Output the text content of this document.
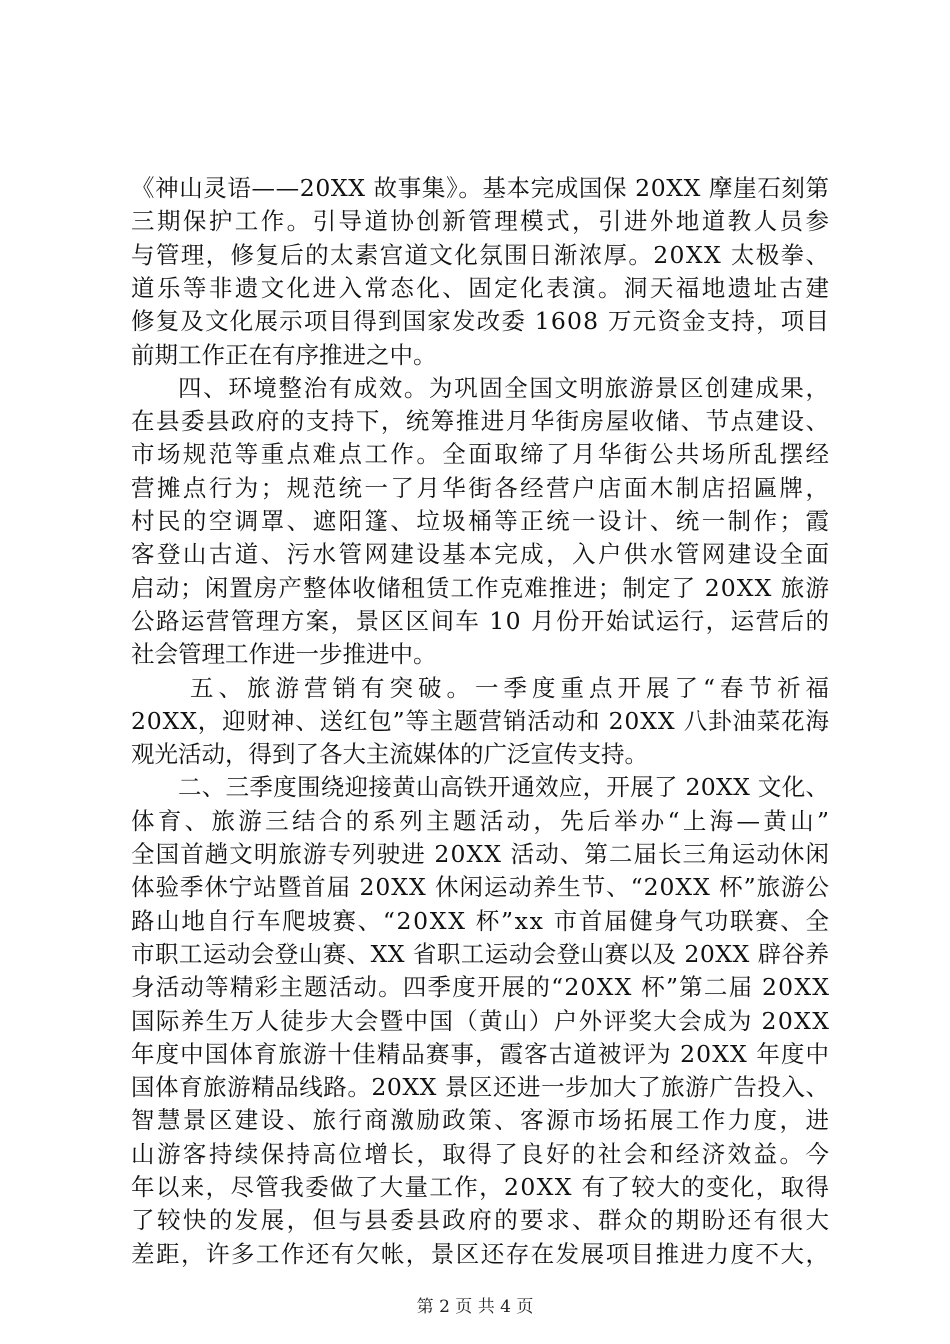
《神山灵语——20XX 故事集》。基本完成国保 20XX 摩崖石刻第
三期保护工作。引导道协创新管理模式，引进外地道教人员参
与管理，修复后的太素宫道文化氛围日渐浓厚。20XX 太极拳、
道乐等非遗文化进入常态化、固定化表演。洞天福地遗址古建
修复及文化展示项目得到国家发改委 1608 万元资金支持，项目
前期工作正在有序推进之中。
四、环境整治有成效。为巩固全国文明旅游景区创建成果，
在县委县政府的支持下，统筹推进月华街房屋收储、节点建设、
市场规范等重点难点工作。全面取缔了月华街公共场所乱摆经
营摊点行为；规范统一了月华街各经营户店面木制店招匾牌，
村民的空调罩、遮阳篷、垃圾桶等正统一设计、统一制作；霞
客登山古道、污水管网建设基本完成，入户供水管网建设全面
启动；闲置房产整体收储租赁工作克难推进；制定了 20XX 旅游
公路运营管理方案，景区区间车 10 月份开始试运行，运营后的
社会管理工作进一步推进中。
五、旅游营销有突破。一季度重点开展了“春节祈福
20XX，迎财神、送红包”等主题营销活动和 20XX 八卦油菜花海
观光活动，得到了各大主流媒体的广泛宣传支持。
二、三季度围绕迎接黄山高铁开通效应，开展了 20XX 文化、
体育、旅游三结合的系列主题活动，先后举办“上海—黄山”
全国首趟文明旅游专列驶进 20XX 活动、第二届长三角运动休闲
体验季休宁站暨首届 20XX 休闲运动养生节、“20XX 杯”旅游公
路山地自行车爬坡赛、“20XX 杯”xx 市首届健身气功联赛、全
市职工运动会登山赛、XX 省职工运动会登山赛以及 20XX 辟谷养
身活动等精彩主题活动。四季度开展的“20XX 杯”第二届 20XX
国际养生万人徒步大会暨中国（黄山）户外评奖大会成为 20XX
年度中国体育旅游十佳精品赛事，霞客古道被评为 20XX 年度中
国体育旅游精品线路。20XX 景区还进一步加大了旅游广告投入、
智慧景区建设、旅行商激励政策、客源市场拓展工作力度，进
山游客持续保持高位增长，取得了良好的社会和经济效益。今
年以来，尽管我委做了大量工作，20XX 有了较大的变化，取得
了较快的发展，但与县委县政府的要求、群众的期盼还有很大
差距，许多工作还有欠帐，景区还存在发展项目推进力度不大，
第 2 页 共 4 页
